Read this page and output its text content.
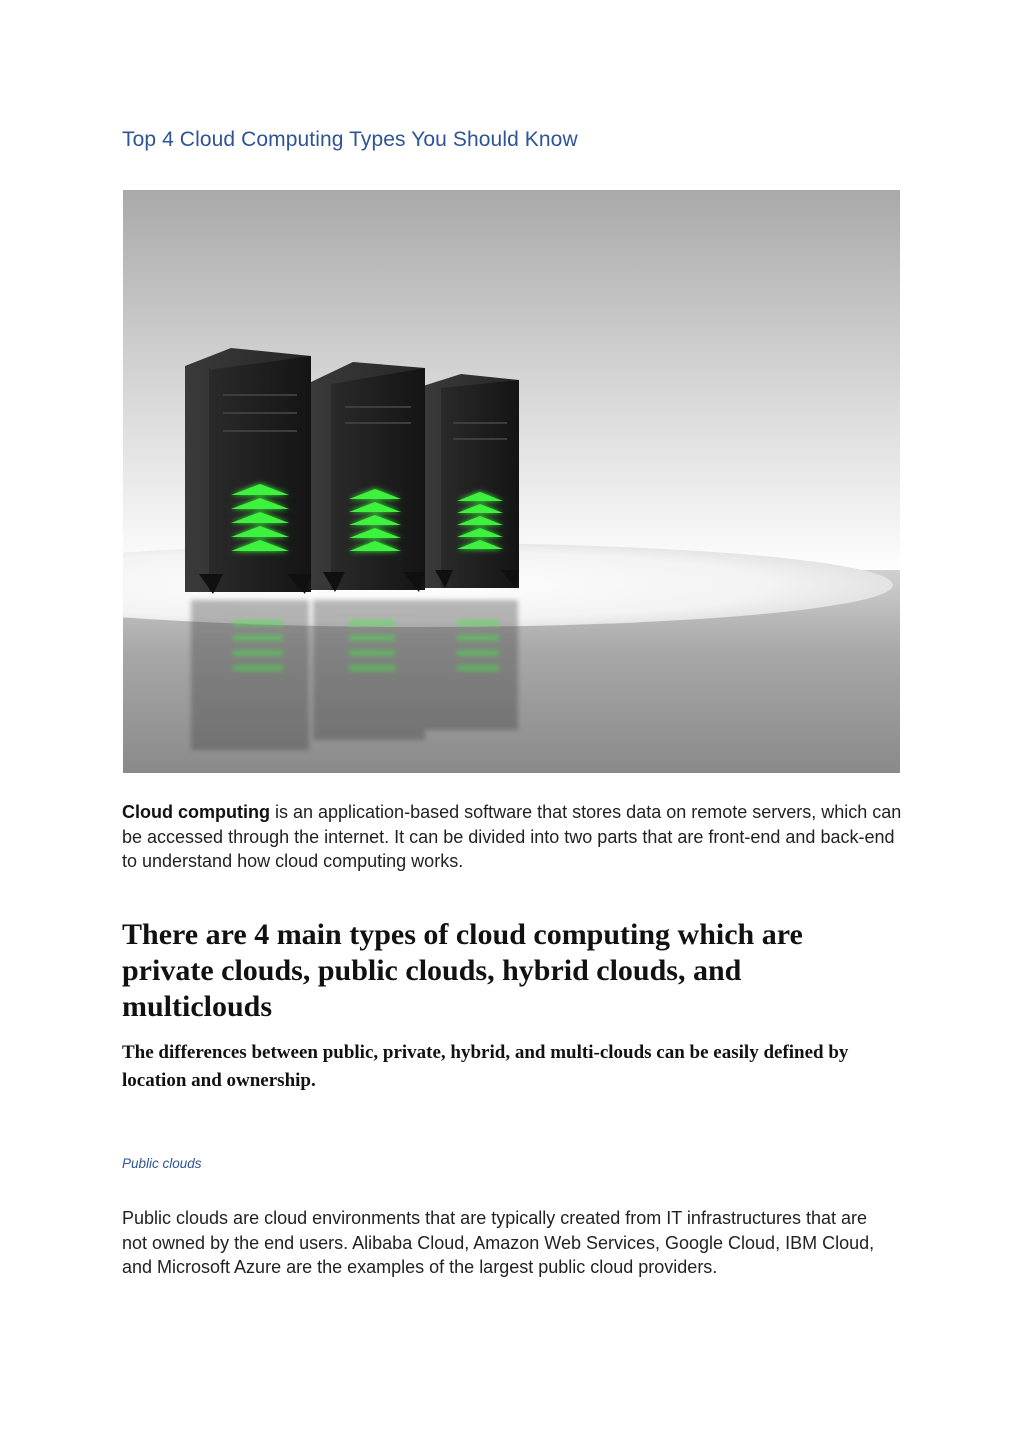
Top 4 Cloud Computing Types You Should Know

Cloud computing is an application-based software that stores data on remote servers, which can be accessed through the internet. It can be divided into two parts that are front-end and back-end to understand how cloud computing works.

There are 4 main types of cloud computing which are private clouds, public clouds, hybrid clouds, and multiclouds
The differences between public, private, hybrid, and multi-clouds can be easily defined by location and ownership.

Public clouds

Public clouds are cloud environments that are typically created from IT infrastructures that are not owned by the end users. Alibaba Cloud, Amazon Web Services, Google Cloud, IBM Cloud, and Microsoft Azure are the examples of the largest public cloud providers.
